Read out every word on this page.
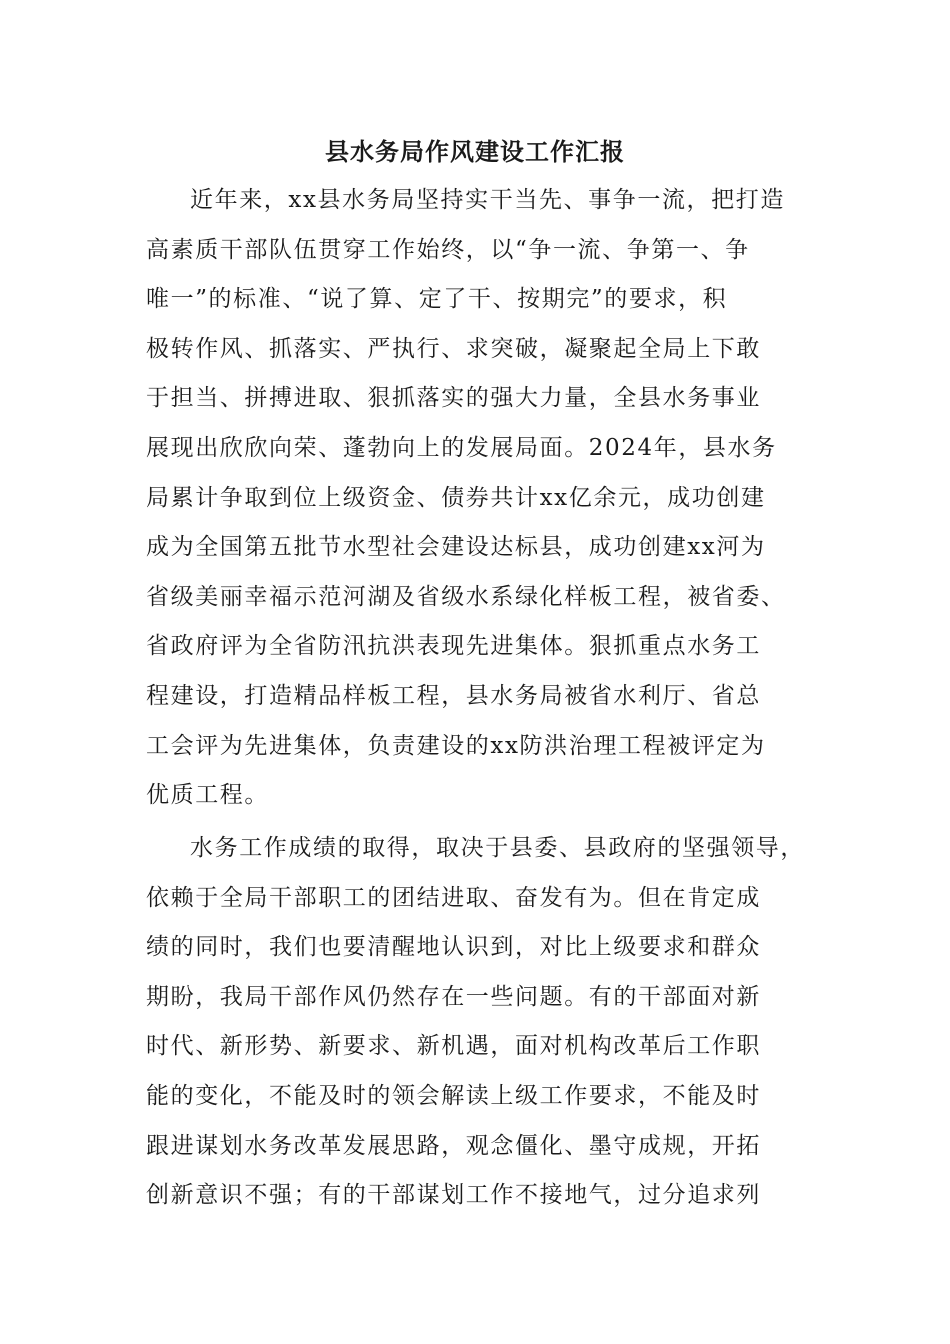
县水务局作风建设工作汇报
近年来，xx县水务局坚持实干当先、事争一流，把打造
高素质干部队伍贯穿工作始终，以“争一流、争第一、争
唯一”的标准、“说了算、定了干、按期完”的要求，积
极转作风、抓落实、严执行、求突破，凝聚起全局上下敢
于担当、拼搏进取、狠抓落实的强大力量，全县水务事业
展现出欣欣向荣、蓬勃向上的发展局面。2024年，县水务
局累计争取到位上级资金、债券共计xx亿余元，成功创建
成为全国第五批节水型社会建设达标县，成功创建xx河为
省级美丽幸福示范河湖及省级水系绿化样板工程，被省委、
省政府评为全省防汛抗洪表现先进集体。狠抓重点水务工
程建设，打造精品样板工程，县水务局被省水利厅、省总
工会评为先进集体，负责建设的xx防洪治理工程被评定为
优质工程。
水务工作成绩的取得，取决于县委、县政府的坚强领导，
依赖于全局干部职工的团结进取、奋发有为。但在肯定成
绩的同时，我们也要清醒地认识到，对比上级要求和群众
期盼，我局干部作风仍然存在一些问题。有的干部面对新
时代、新形势、新要求、新机遇，面对机构改革后工作职
能的变化，不能及时的领会解读上级工作要求，不能及时
跟进谋划水务改革发展思路，观念僵化、墨守成规，开拓
创新意识不强；有的干部谋划工作不接地气，过分追求列
